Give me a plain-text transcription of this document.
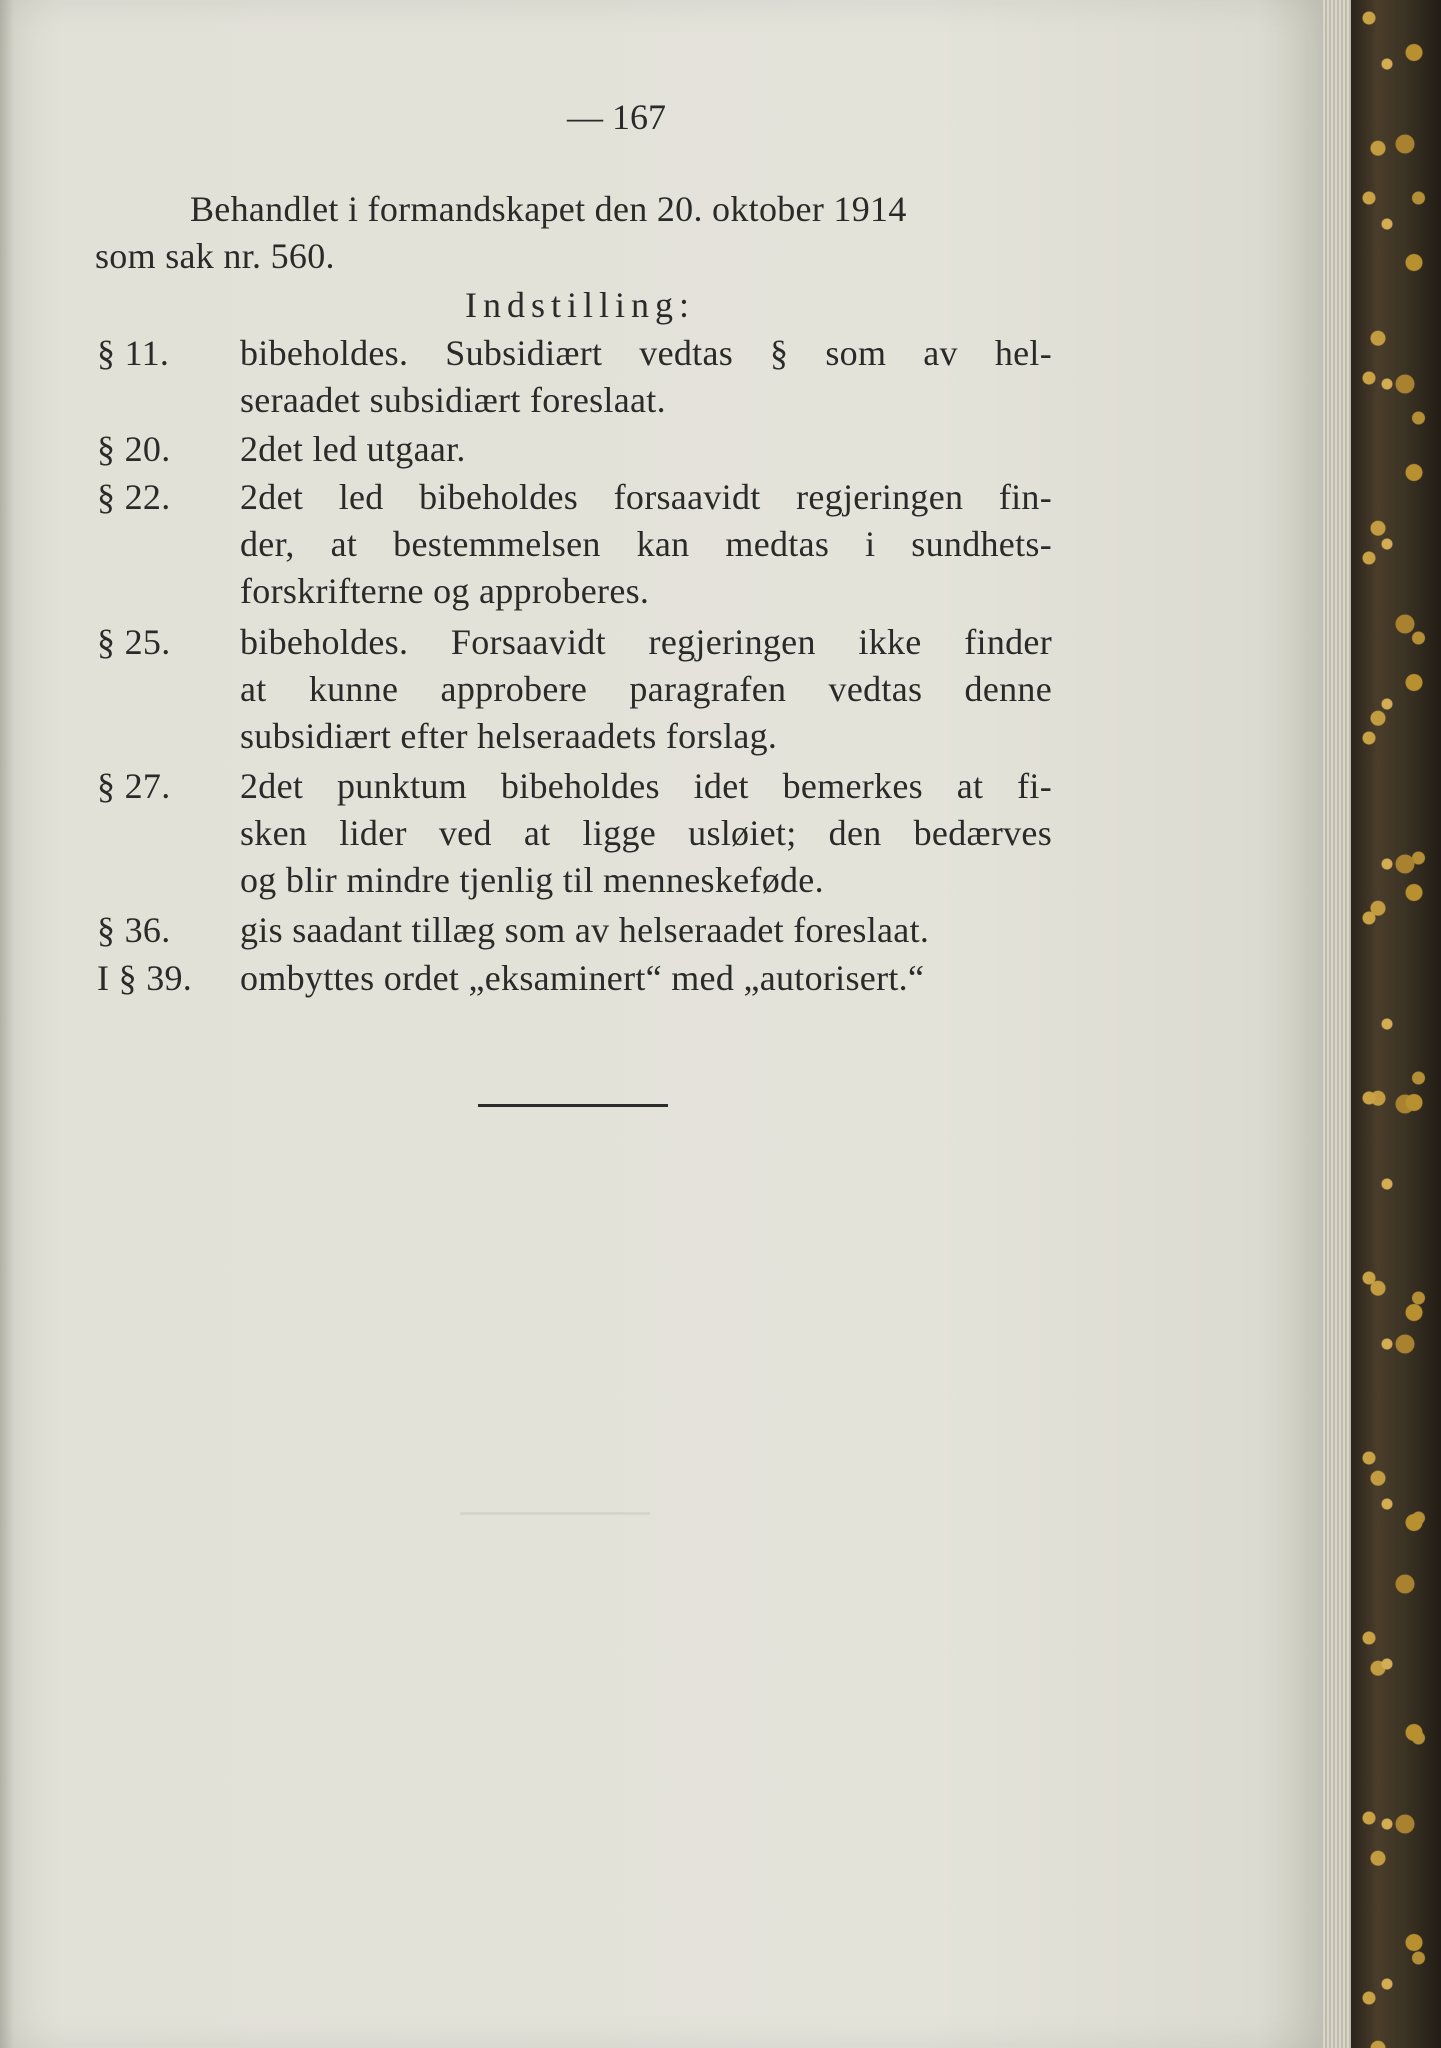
— 167
Behandlet i formandskapet den 20. oktober 1914
som sak nr. 560.
Indstilling:
§ 11. bibeholdes. Subsidiært vedtas § som av hel-
seraadet subsidiært foreslaat.
§ 20. 2det led utgaar.
§ 22. 2det led bibeholdes forsaavidt regjeringen fin-
der, at bestemmelsen kan medtas i sundhets-
forskrifterne og approberes.
§ 25. bibeholdes. Forsaavidt regjeringen ikke finder
at kunne approbere paragrafen vedtas denne
subsidiært efter helseraadets forslag.
§ 27. 2det punktum bibeholdes idet bemerkes at fi-
sken lider ved at ligge usløiet; den bedærves
og blir mindre tjenlig til menneskeføde.
§ 36. gis saadant tillæg som av helseraadet foreslaat.
I § 39. ombyttes ordet „eksaminert“ med „autorisert.“
